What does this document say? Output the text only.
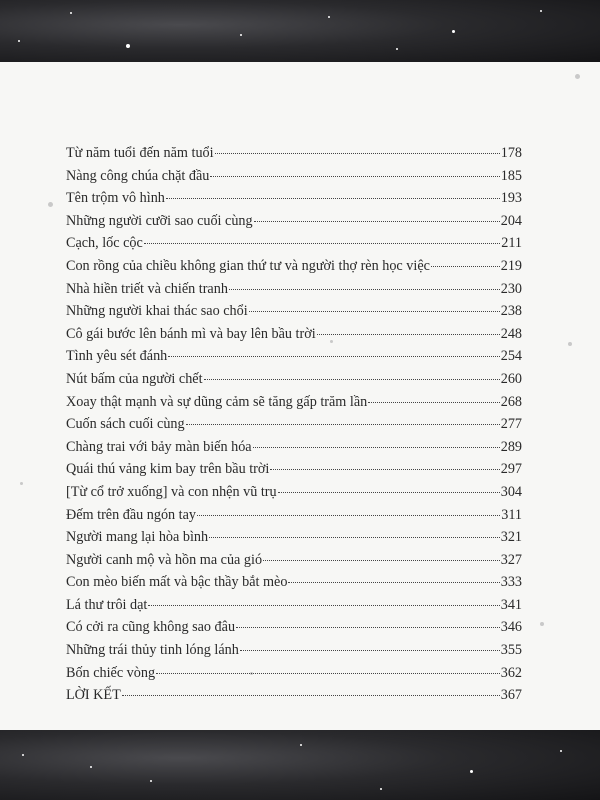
Từ năm tuổi đến năm tuổi	178
Nàng công chúa chặt đầu	185
Tên trộm vô hình	193
Những người cưỡi sao cuối cùng	204
Cạch, lốc cộc	211
Con rồng của chiều không gian thứ tư và người thợ rèn học việc	219
Nhà hiền triết và chiến tranh	230
Những người khai thác sao chổi	238
Cô gái bước lên bánh mì và bay lên bầu trời	248
Tình yêu sét đánh	254
Nút bấm của người chết	260
Xoay thật mạnh và sự dũng cảm sẽ tăng gấp trăm lần	268
Cuốn sách cuối cùng	277
Chàng trai với bảy màn biến hóa	289
Quái thú vảng kim bay trên bầu trời	297
[Từ cổ trở xuống] và con nhện vũ trụ	304
Đếm trên đầu ngón tay	311
Người mang lại hòa bình	321
Người canh mộ và hồn ma của gió	327
Con mèo biến mất và bậc thầy bắt mèo	333
Lá thư trôi dạt	341
Có cởi ra cũng không sao đâu	346
Những trái thủy tinh lóng lánh	355
Bốn chiếc vòng	362
LỜI KẾT	367
